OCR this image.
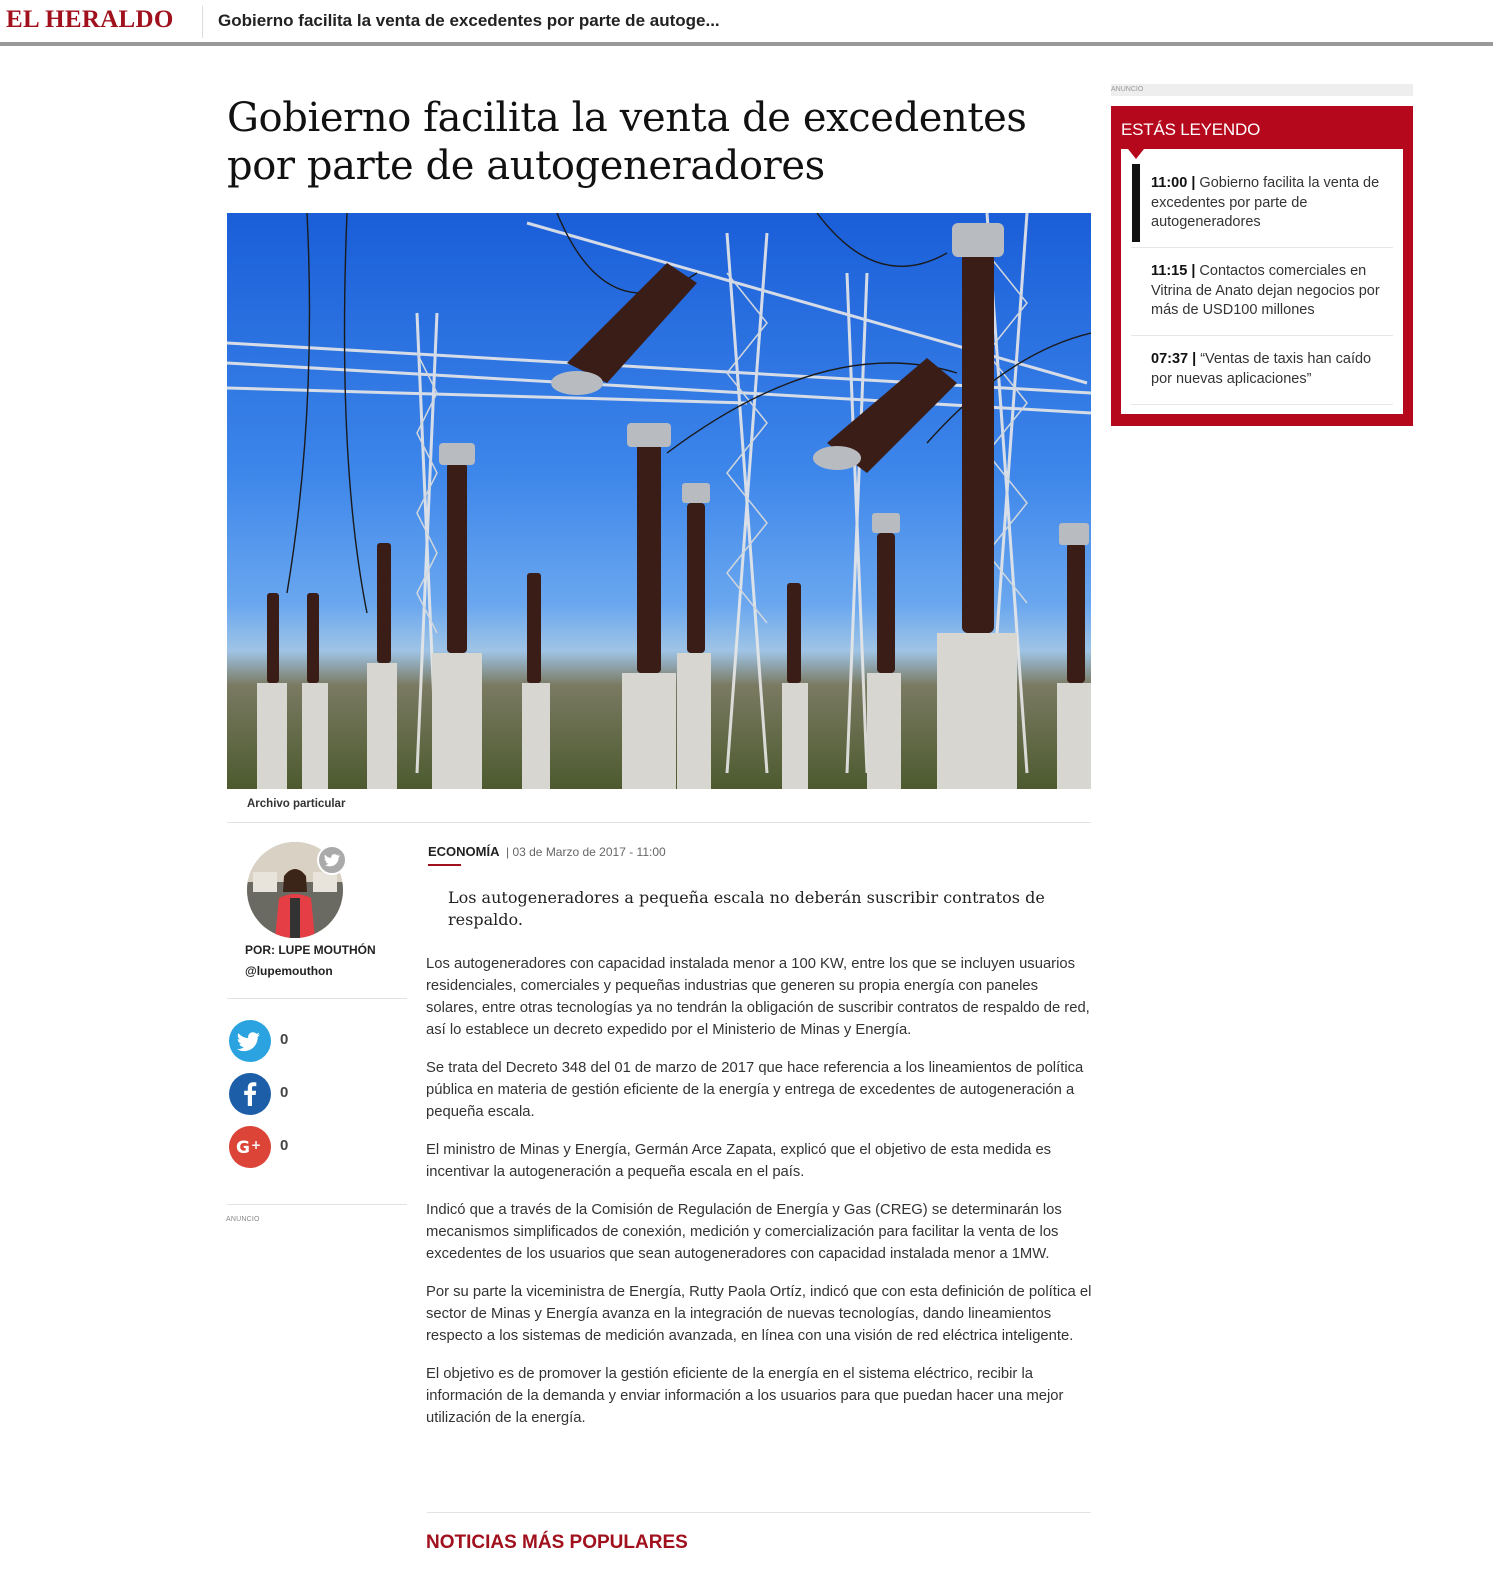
EL HERALDO	Gobierno facilita la venta de excedentes por parte de autoge...
Gobierno facilita la venta de excedentes por parte de autogeneradores
Archivo particular
POR: LUPE MOUTHÓN
@lupemouthon
0
0
G + 0
ANUNCIO
ECONOMÍA | 03 de Marzo de 2017 - 11:00

Los autogeneradores a pequeña escala no deberán suscribir contratos de respaldo.

Los autogeneradores con capacidad instalada menor a 100 KW, entre los que se incluyen usuarios residenciales, comerciales y pequeñas industrias que generen su propia energía con paneles solares, entre otras tecnologías ya no tendrán la obligación de suscribir contratos de respaldo de red, así lo establece un decreto expedido por el Ministerio de Minas y Energía.

Se trata del Decreto 348 del 01 de marzo de 2017 que hace referencia a los lineamientos de política pública en materia de gestión eficiente de la energía y entrega de excedentes de autogeneración a pequeña escala.

El ministro de Minas y Energía, Germán Arce Zapata, explicó que el objetivo de esta medida es incentivar la autogeneración a pequeña escala en el país.

Indicó que a través de la Comisión de Regulación de Energía y Gas (CREG) se determinarán los mecanismos simplificados de conexión, medición y comercialización para facilitar la venta de los excedentes de los usuarios que sean autogeneradores con capacidad instalada menor a 1MW.

Por su parte la viceministra de Energía, Rutty Paola Ortíz, indicó que con esta definición de política el sector de Minas y Energía avanza en la integración de nuevas tecnologías, dando lineamientos respecto a los sistemas de medición avanzada, en línea con una visión de red eléctrica inteligente.

El objetivo es de promover la gestión eficiente de la energía en el sistema eléctrico, recibir la información de la demanda y enviar información a los usuarios para que puedan hacer una mejor utilización de la energía.

NOTICIAS MÁS POPULARES
ANUNCIO
ESTÁS LEYENDO
11:00 | Gobierno facilita la venta de excedentes por parte de autogeneradores
11:15 | Contactos comerciales en Vitrina de Anato dejan negocios por más de USD100 millones
07:37 | “Ventas de taxis han caído por nuevas aplicaciones”
